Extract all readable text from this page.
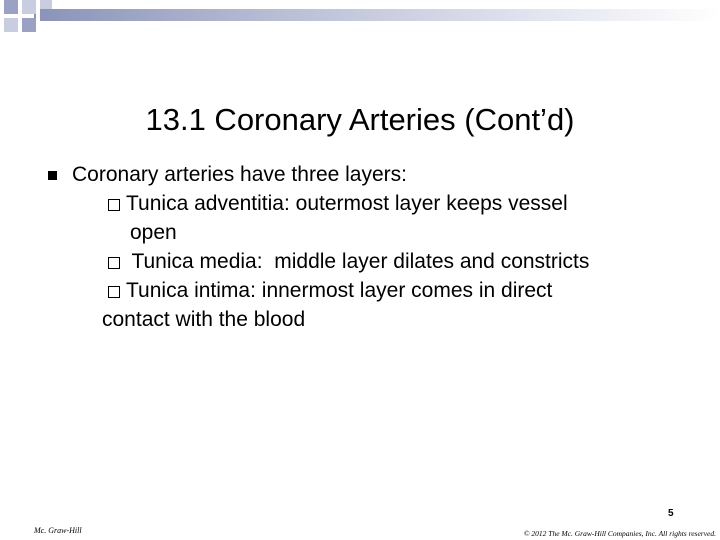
13.1 Coronary Arteries (Cont’d)
Coronary arteries have three layers:
Tunica adventitia: outermost layer keeps vessel
open
Tunica media:  middle layer dilates and constricts
Tunica intima: innermost layer comes in direct
contact with the blood
5
Mc. Graw-Hill	© 2012 The Mc. Graw-Hill Companies, Inc. All rights reserved.
